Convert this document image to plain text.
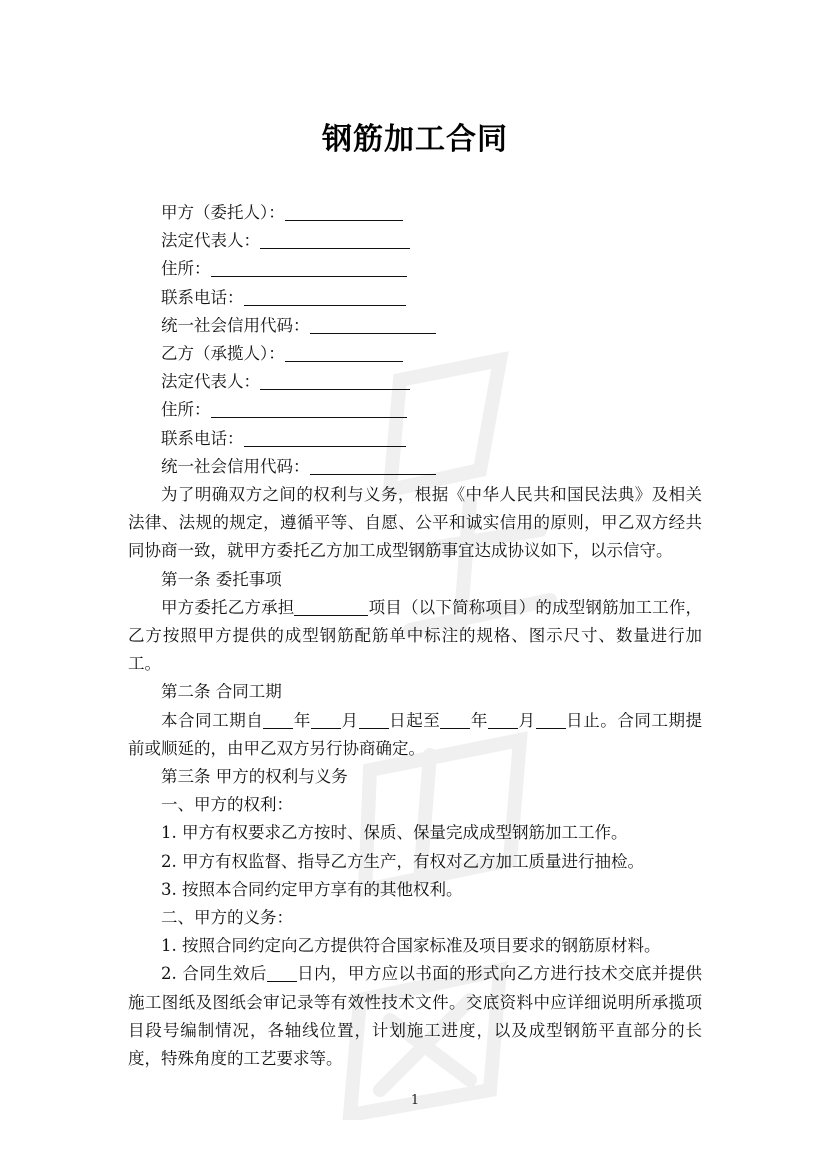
钢筋加工合同
甲方（委托人）：
法定代表人：
住所：
联系电话：
统一社会信用代码：
乙方（承揽人）：
法定代表人：
住所：
联系电话：
统一社会信用代码：
为了明确双方之间的权利与义务，根据《中华人民共和国民法典》及相关法律、法规的规定，遵循平等、自愿、公平和诚实信用的原则，甲乙双方经共同协商一致，就甲方委托乙方加工成型钢筋事宜达成协议如下，以示信守。
第一条 委托事项
甲方委托乙方承担	项目（以下简称项目）的成型钢筋加工工作，乙方按照甲方提供的成型钢筋配筋单中标注的规格、图示尺寸、数量进行加工。
第二条 合同工期
本合同工期自 年 月 日起至 年 月 日止。合同工期提前或顺延的，由甲乙双方另行协商确定。
第三条 甲方的权利与义务
一、甲方的权利：
1. 甲方有权要求乙方按时、保质、保量完成成型钢筋加工工作。
2. 甲方有权监督、指导乙方生产，有权对乙方加工质量进行抽检。
3. 按照本合同约定甲方享有的其他权利。
二、甲方的义务：
1. 按照合同约定向乙方提供符合国家标准及项目要求的钢筋原材料。
2. 合同生效后 日内，甲方应以书面的形式向乙方进行技术交底并提供施工图纸及图纸会审记录等有效性技术文件。交底资料中应详细说明所承揽项目段号编制情况，各轴线位置，计划施工进度，以及成型钢筋平直部分的长度，特殊角度的工艺要求等。
1
